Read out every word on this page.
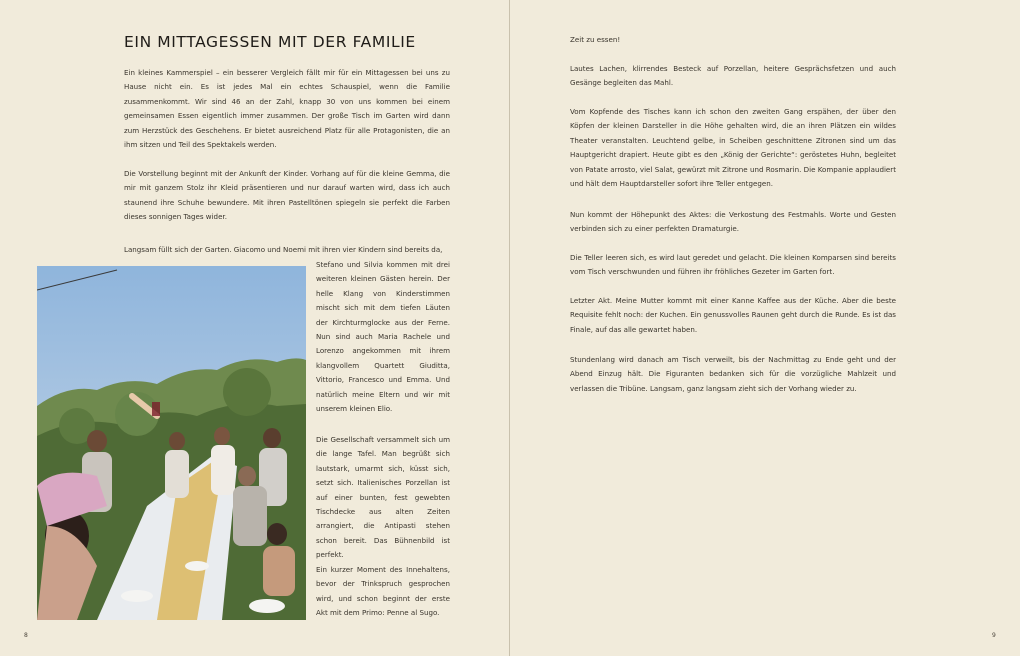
EIN MITTAGESSEN MIT DER FAMILIE

Ein kleines Kammerspiel – ein besserer Vergleich fällt mir für ein Mittagessen bei uns zu Hause nicht ein. Es ist jedes Mal ein echtes Schauspiel, wenn die Familie zusammenkommt. Wir sind 46 an der Zahl, knapp 30 von uns kommen bei einem gemeinsamen Essen eigentlich immer zusammen. Der große Tisch im Garten wird dann zum Herzstück des Geschehens. Er bietet ausreichend Platz für alle Protagonisten, die an ihm sitzen und Teil des Spektakels werden.

Die Vorstellung beginnt mit der Ankunft der Kinder. Vorhang auf für die kleine Gemma, die mir mit ganzem Stolz ihr Kleid präsentieren und nur darauf warten wird, dass ich auch staunend ihre Schuhe bewundere. Mit ihren Pastelltönen spiegeln sie perfekt die Farben dieses sonnigen Tages wider.

Langsam füllt sich der Garten. Giacomo und Noemi mit ihren vier Kindern sind bereits da,

Stefano und Silvia kommen mit drei weiteren kleinen Gästen herein. Der helle Klang von Kinderstimmen mischt sich mit dem tiefen Läuten der Kirchturmglocke aus der Ferne. Nun sind auch Maria Rachele und Lorenzo angekommen mit ihrem klangvollem Quartett Giuditta, Vittorio, Francesco und Emma. Und natürlich meine Eltern und wir mit unserem kleinen Elio.

Die Gesellschaft versammelt sich um die lange Tafel. Man begrüßt sich lautstark, umarmt sich, küsst sich, setzt sich. Italienisches Porzellan ist auf einer bunten, fest gewebten Tischdecke aus alten Zeiten arrangiert, die Antipasti stehen schon bereit. Das Bühnenbild ist perfekt.

Ein kurzer Moment des Innehaltens, bevor der Trinkspruch gesprochen wird, und schon beginnt der erste Akt mit dem Primo: Penne al Sugo.

8

Zeit zu essen!

Lautes Lachen, klirrendes Besteck auf Porzellan, heitere Gesprächsfetzen und auch Gesänge begleiten das Mahl.

Vom Kopfende des Tisches kann ich schon den zweiten Gang erspähen, der über den Köpfen der kleinen Darsteller in die Höhe gehalten wird, die an ihren Plätzen ein wildes Theater veranstalten. Leuchtend gelbe, in Scheiben geschnittene Zitronen sind um das Hauptgericht drapiert. Heute gibt es den „König der Gerichte“: geröstetes Huhn, begleitet von Patate arrosto, viel Salat, gewürzt mit Zitrone und Rosmarin. Die Kompanie applaudiert und hält dem Hauptdarsteller sofort ihre Teller entgegen.

Nun kommt der Höhepunkt des Aktes: die Verkostung des Festmahls. Worte und Gesten verbinden sich zu einer perfekten Dramaturgie.

Die Teller leeren sich, es wird laut geredet und gelacht. Die kleinen Komparsen sind bereits vom Tisch verschwunden und führen ihr fröhliches Gezeter im Garten fort.

Letzter Akt. Meine Mutter kommt mit einer Kanne Kaffee aus der Küche. Aber die beste Requisite fehlt noch: der Kuchen. Ein genussvolles Raunen geht durch die Runde. Es ist das Finale, auf das alle gewartet haben.

Stundenlang wird danach am Tisch verweilt, bis der Nachmittag zu Ende geht und der Abend Einzug hält. Die Figuranten bedanken sich für die vorzügliche Mahlzeit und verlassen die Tribüne. Langsam, ganz langsam zieht sich der Vorhang wieder zu.

9
